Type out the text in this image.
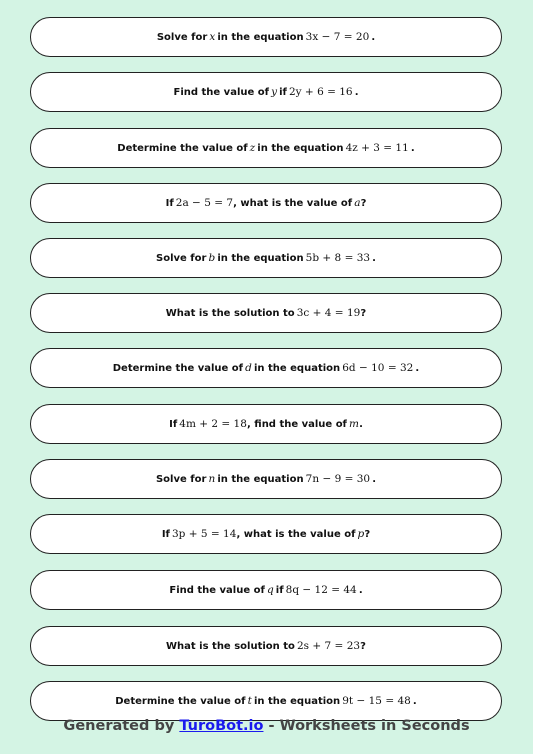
Solve for x in the equation 3x − 7 = 20 .
Find the value of y if 2y + 6 = 16 .
Determine the value of z in the equation 4z + 3 = 11 .
If 2a − 5 = 7 , what is the value of a ?
Solve for b in the equation 5b + 8 = 33 .
What is the solution to 3c + 4 = 19 ?
Determine the value of d in the equation 6d − 10 = 32 .
If 4m + 2 = 18 , find the value of m .
Solve for n in the equation 7n − 9 = 30 .
If 3p + 5 = 14 , what is the value of p ?
Find the value of q if 8q − 12 = 44 .
What is the solution to 2s + 7 = 23 ?
Determine the value of t in the equation 9t − 15 = 48 .
Generated by TuroBot.io - Worksheets in Seconds
